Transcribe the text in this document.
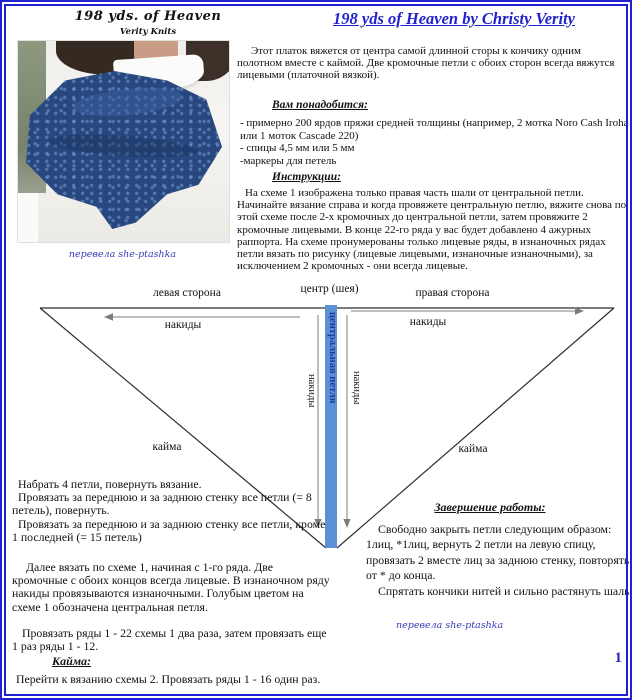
198 yds. of Heaven
Verity Knits
198 yds of Heaven by Christy Verity
перевела she-ptashka
Этот платок вяжется от центра самой длинной сторы к кончику одним полотном вместе с каймой. Две кромочные петли с обоих сторон всегда вяжутся лицевыми (платочной вязкой).
Вам понадобится:

- примерно 200 ярдов пряжи средней толщины (например, 2 мотка Noro Cash Iroha или 1 моток Cascade 220)

- спицы 4,5 мм или 5 мм

-маркеры для петель

Инструкции:
На схеме 1 изображена только правая часть шали от центральной петли. Начинайте вязание справа и когда провяжете центральную петлю, вяжите снова по этой схеме после 2-х кромочных до центральной петли, затем провяжите 2 кромочные лицевыми. В конце 22-го ряда у вас будет добавлено 4 ажурных раппорта. На схеме пронумерованы только лицевые ряды, в изнаночных рядах петли вязать по рисунку (лицевые лицевыми, изнаночные изнаночными), за исключением 2 кромочных - они всегда лицевые.
левая сторона	центр (шея)	правая сторона
накиды	накиды
кайма	кайма
центральная петля
накиды	накиды

Набрать 4 петли, повернуть вязание.

Провязать за переднюю и за заднюю стенку все петли (= 8 петель), повернуть.

Провязать за переднюю и за заднюю стенку все петли, кроме 1 последней (= 15 петель)

Далее вязать по схеме 1, начиная с 1-го ряда. Две кромочные с обоих концов всегда лицевые. В изнаночном ряду накиды провязываются изнаночными. Голубым цветом на схеме 1 обозначена центральная петля.
Провязать ряды 1 - 22 схемы 1 два раза, затем провязать еще 1 раз ряды 1 - 12.
Кайма:
Перейти к вязанию схемы 2. Провязать ряды 1 - 16 один раз.
Завершение работы:

Свободно закрыть петли следующим образом: 1лиц, *1лиц, вернуть 2 петли на левую спицу, провязать 2 вместе лиц за заднюю стенку, повторять от * до конца.

Спрятать кончики нитей и сильно растянуть шаль.

перевела she-ptashka
1
